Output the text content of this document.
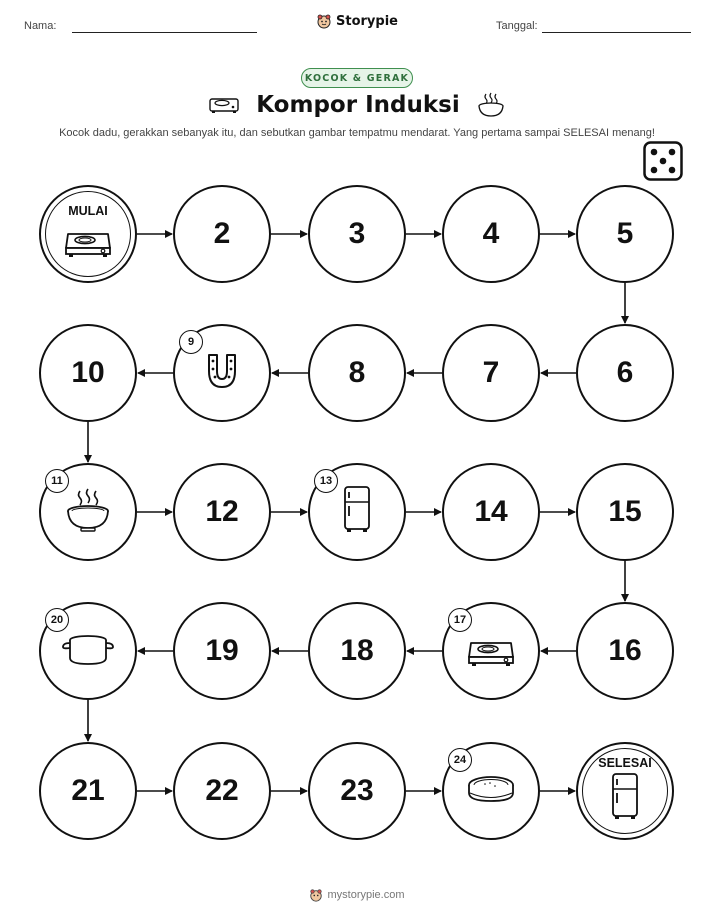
Nama:	Storypie	Tanggal:
KOCOK & GERAK
Kompor Induksi
Kocok dadu, gerakkan sebanyak itu, dan sebutkan gambar tempatmu mendarat. Yang pertama sampai SELESAI menang!
MULAI
2	3	4	5
6
7
8
9
10
11
12
13
14	15
16
17
18
19
20
21	22	23
24	SELESAI
mystorypie.com
